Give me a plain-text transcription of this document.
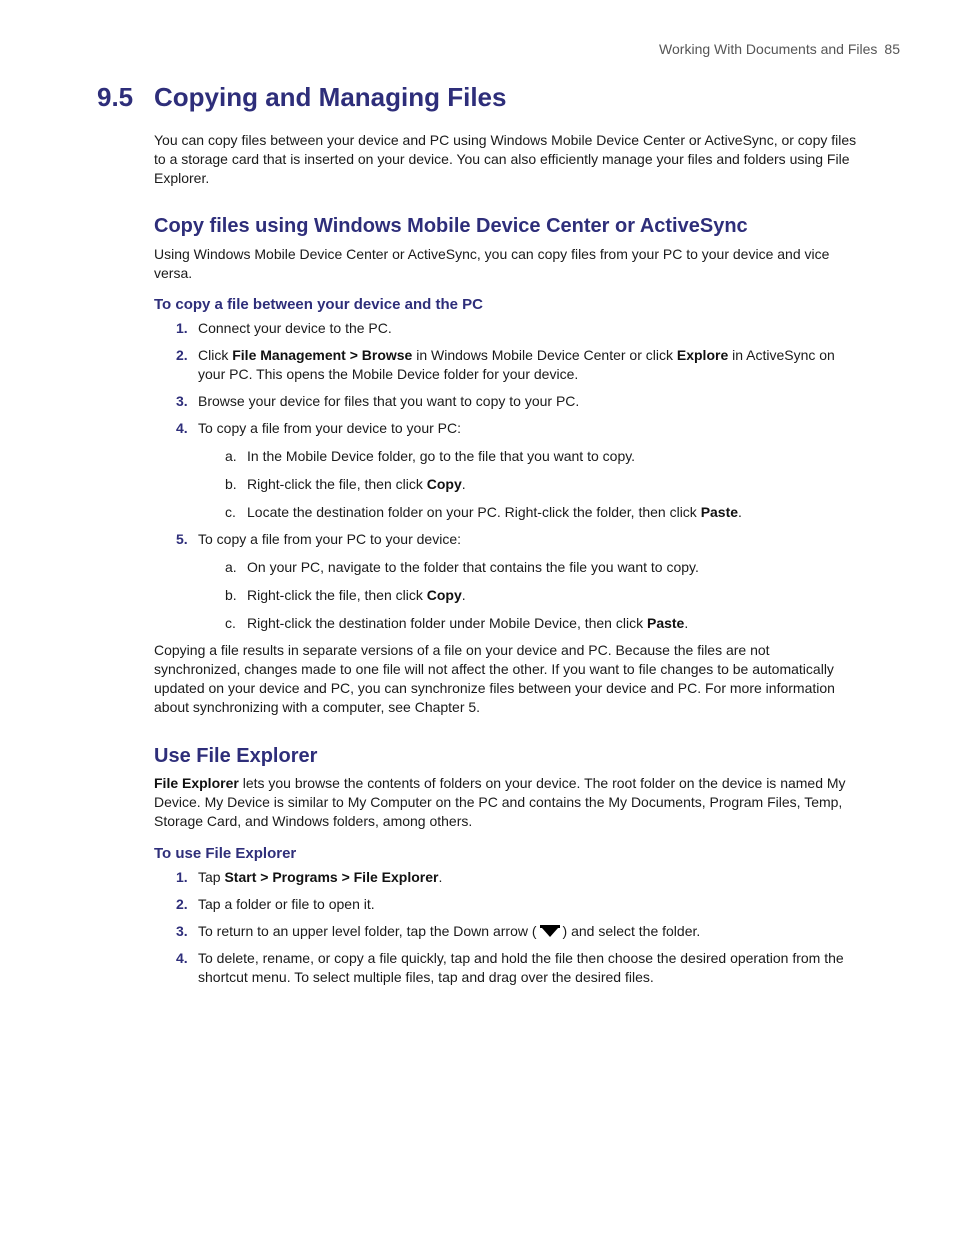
Working With Documents and Files 85
9.5 Copying and Managing Files

You can copy files between your device and PC using Windows Mobile Device Center or ActiveSync, or copy files to a storage card that is inserted on your device. You can also efficiently manage your files and folders using File Explorer.

Copy files using Windows Mobile Device Center or ActiveSync

Using Windows Mobile Device Center or ActiveSync, you can copy files from your PC to your device and vice versa.

To copy a file between your device and the PC
1. Connect your device to the PC.
2. Click File Management > Browse in Windows Mobile Device Center or click Explore in ActiveSync on your PC. This opens the Mobile Device folder for your device.
3. Browse your device for files that you want to copy to your PC.
4. To copy a file from your device to your PC:
a. In the Mobile Device folder, go to the file that you want to copy.
b. Right-click the file, then click Copy.
c. Locate the destination folder on your PC. Right-click the folder, then click Paste.
5. To copy a file from your PC to your device:
a. On your PC, navigate to the folder that contains the file you want to copy.
b. Right-click the file, then click Copy.
c. Right-click the destination folder under Mobile Device, then click Paste.

Copying a file results in separate versions of a file on your device and PC. Because the files are not synchronized, changes made to one file will not affect the other. If you want to file changes to be automatically updated on your device and PC, you can synchronize files between your device and PC. For more information about synchronizing with a computer, see Chapter 5.

Use File Explorer

File Explorer lets you browse the contents of folders on your device. The root folder on the device is named My Device. My Device is similar to My Computer on the PC and contains the My Documents, Program Files, Temp, Storage Card, and Windows folders, among others.

To use File Explorer
1. Tap Start > Programs > File Explorer.
2. Tap a folder or file to open it.
3. To return to an upper level folder, tap the Down arrow ( ) and select the folder.
4. To delete, rename, or copy a file quickly, tap and hold the file then choose the desired operation from the shortcut menu. To select multiple files, tap and drag over the desired files.
